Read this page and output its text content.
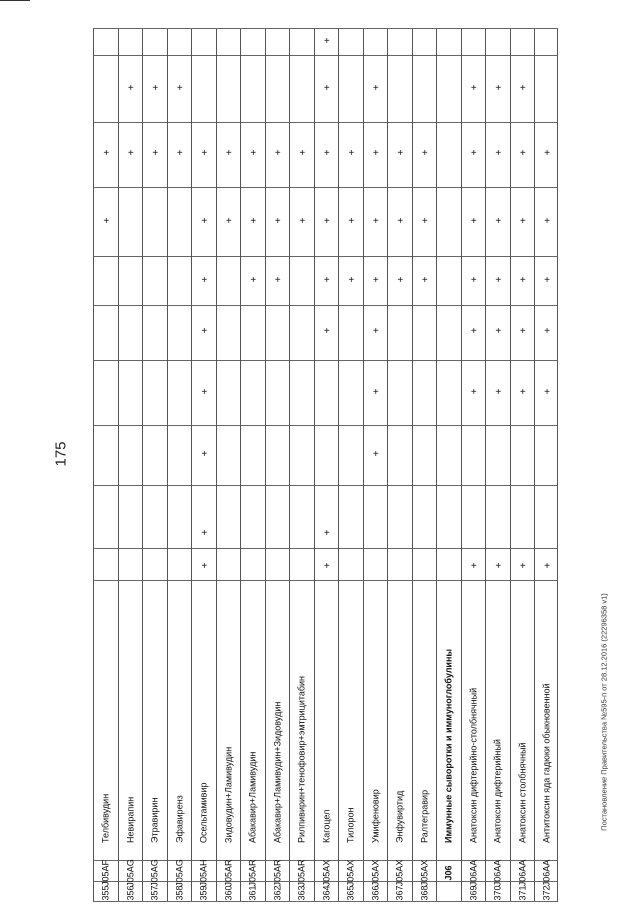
175
Постановление Правительства №595-п от 28.12.2016 (22296358 v1)
355
J05AF
Телбивудин
+
+
356
J05AG
Невирапин
+
+
357
J05AG
Этравирин
+
+
358
J05AG
Эфавиренз
+
+
359
J05AH
Осельтамивир
+
+
+
+
+
+
+
+
360
J05AR
Зидовудин+Ламивудин
+
+
361
J05AR
Абакавир+Ламивудин
+
+
+
362
J05AR
Абакавир+Ламивудин+Зидовудин
+
+
+
363
J05AR
Рилпивирин+тенофовир+эмтрицитабин
+
+
364
J05AX
Кагоцел
+
+
+
+
+
+
+
+
365
J05AX
Тилорон
+
+
+
366
J05AX
Умифеновир
+
+
+
+
+
+
+
367
J05AX
Энфувиртид
+
+
+
368
J05AX
Ралтегравир
+
+
+
J06
Иммунные сыворотки и иммуноглобулины
369
J06AA
Анатоксин дифтерийно-столбнячный
+
+
+
+
+
+
+
370
J06AA
Анатоксин дифтерийный
+
+
+
+
+
+
+
371
J06AA
Анатоксин столбнячный
+
+
+
+
+
+
+
372
J06AA
Антитоксин яда гадюки обыкновенной
+
+
+
+
+
+
